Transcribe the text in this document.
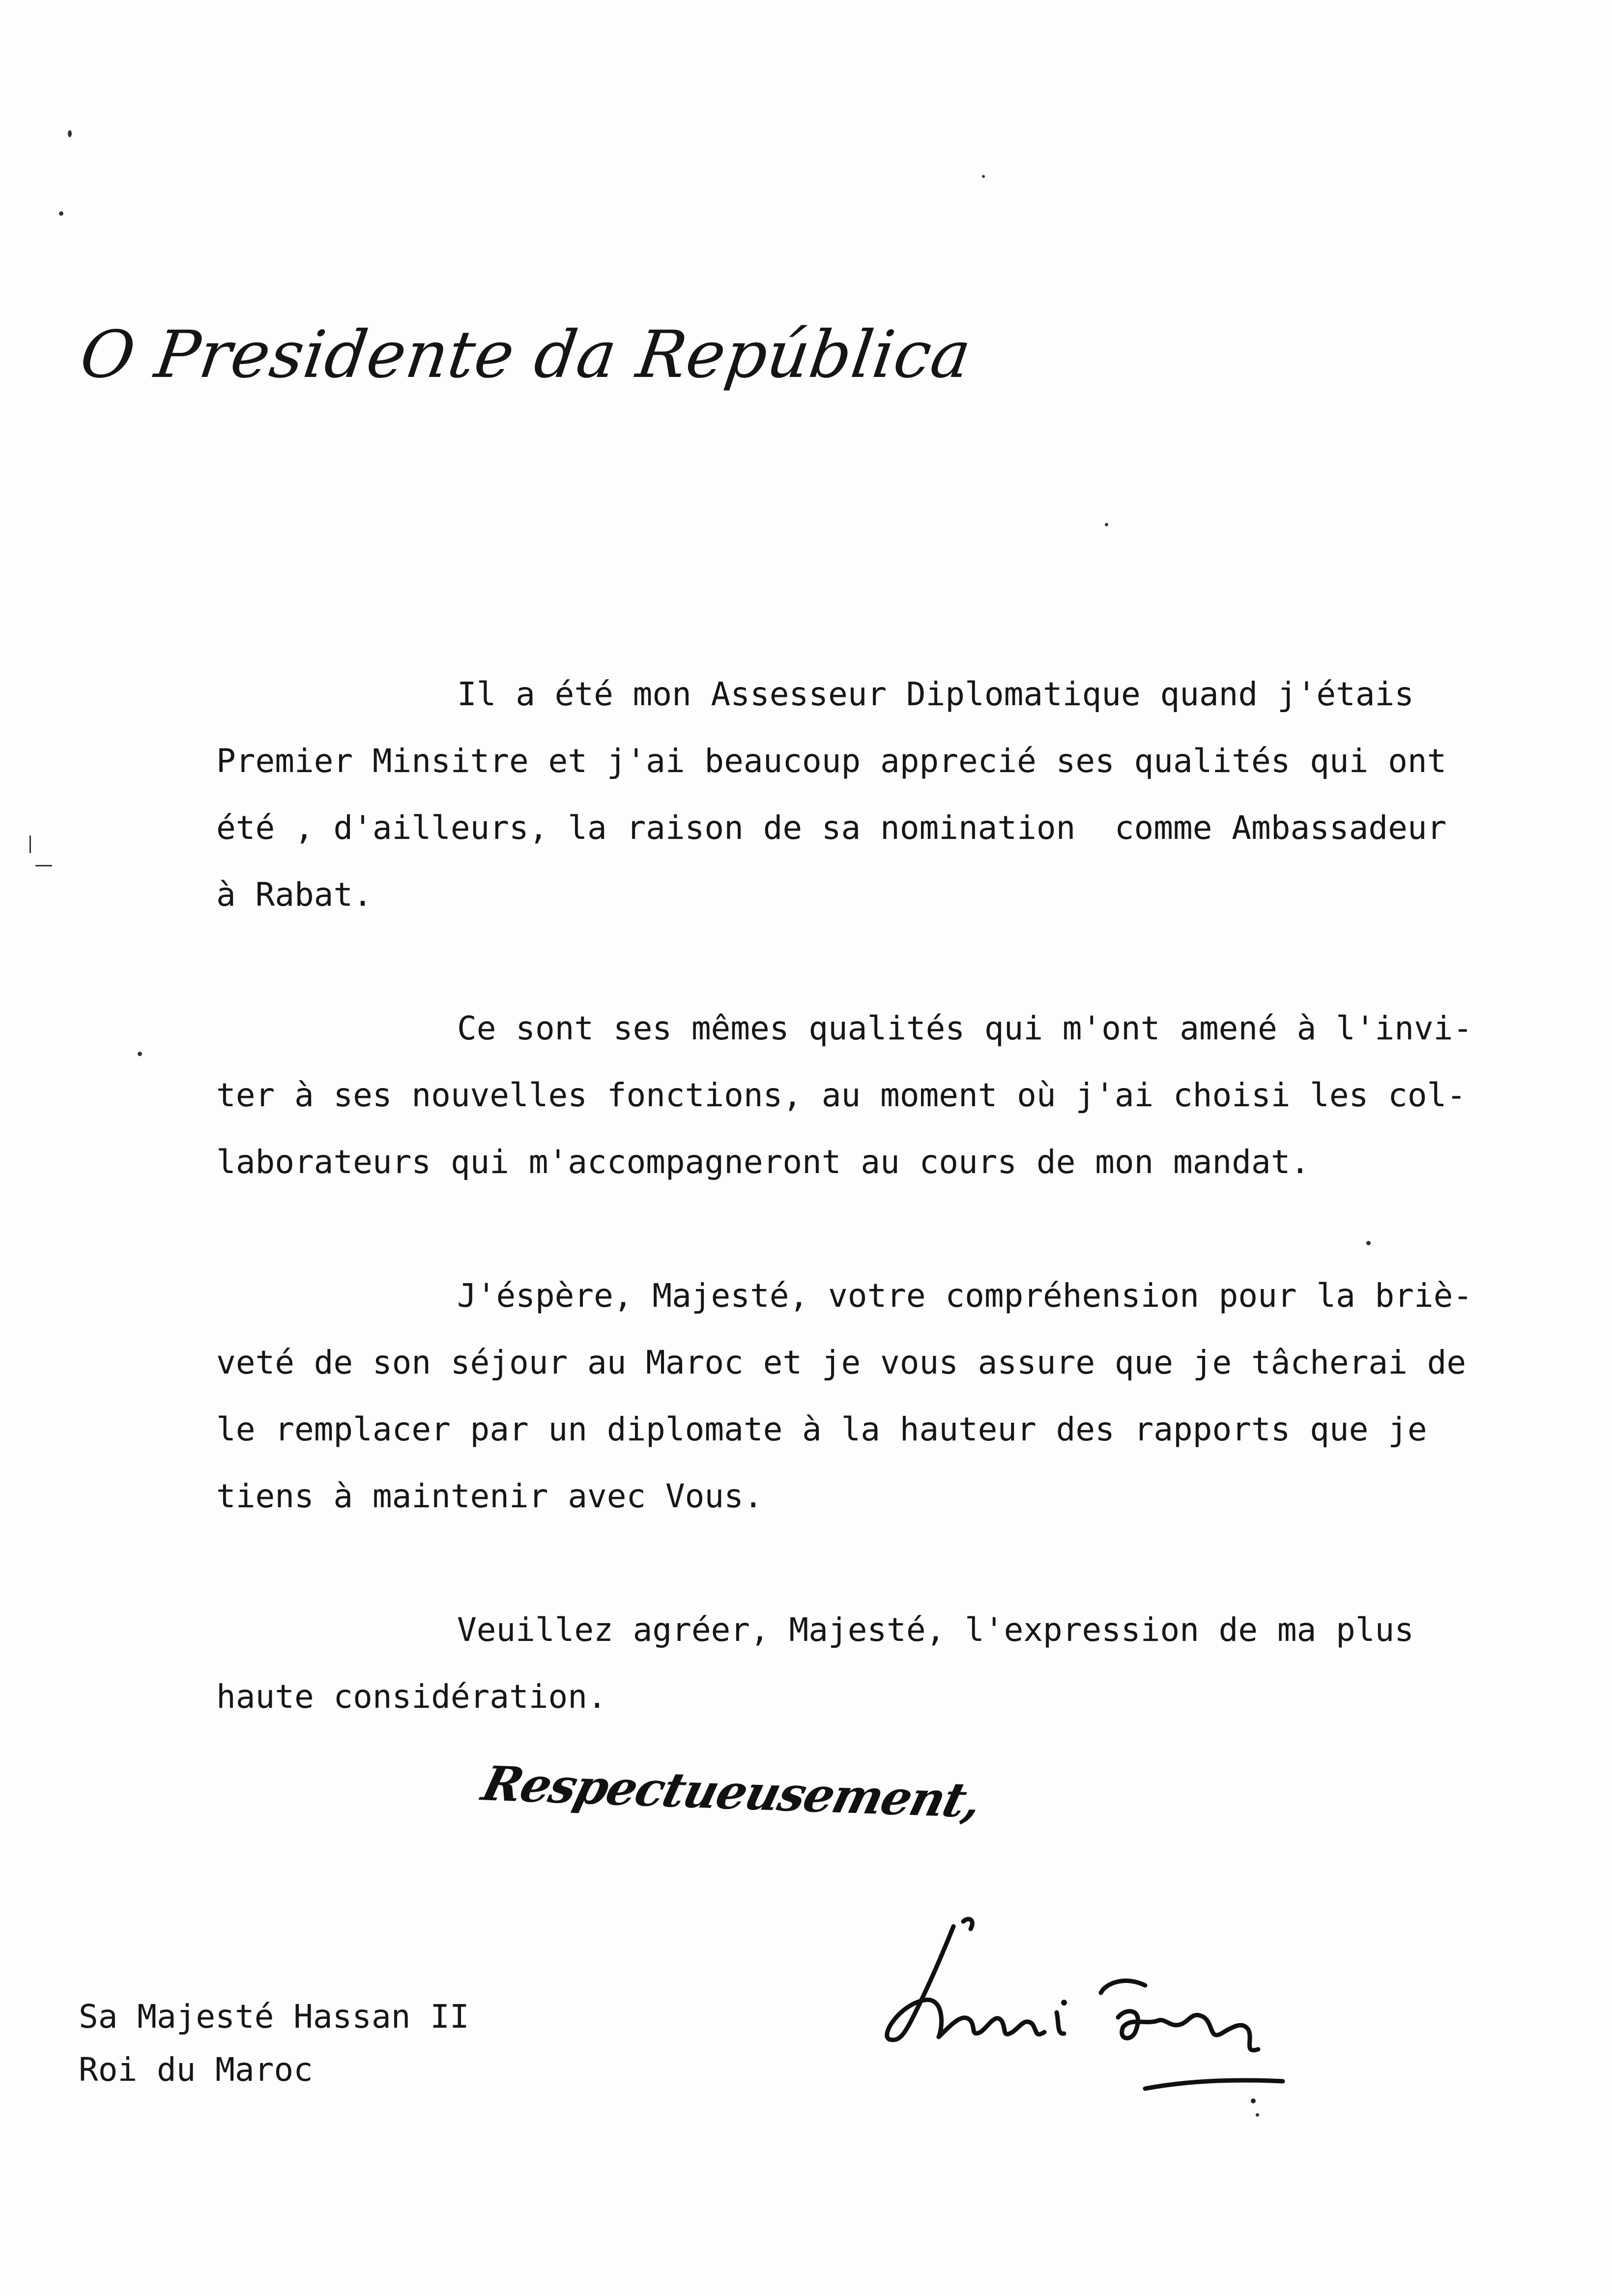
O Presidente da República
Il a été mon Assesseur Diplomatique quand j'étais
Premier Minsitre et j'ai beaucoup apprecié ses qualités qui ont
été , d'ailleurs, la raison de sa nomination  comme Ambassadeur
à Rabat.
Ce sont ses mêmes qualités qui m'ont amené à l'invi-
ter à ses nouvelles fonctions, au moment où j'ai choisi les col-
laborateurs qui m'accompagneront au cours de mon mandat.
J'éspère, Majesté, votre compréhension pour la briè-
veté de son séjour au Maroc et je vous assure que je tâcherai de
le remplacer par un diplomate à la hauteur des rapports que je
tiens à maintenir avec Vous.
Veuillez agréer, Majesté, l'expression de ma plus
haute considération.
Respectueusement,
Sa Majesté Hassan II
Roi du Maroc
